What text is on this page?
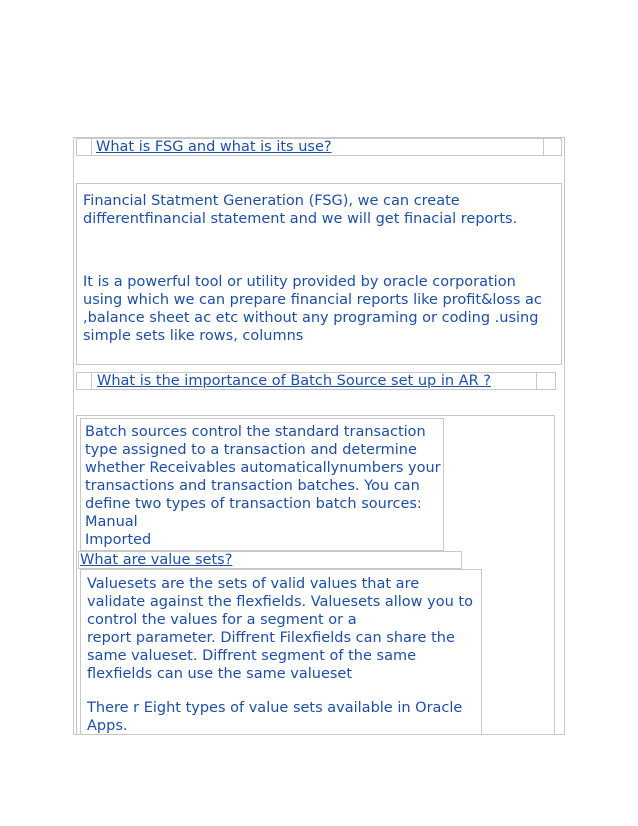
What is FSG and what is its use?
Financial Statment Generation (FSG), we can create
differentfinancial statement and we will get finacial reports.
It is a powerful tool or utility provided by oracle corporation
using which we can prepare financial reports like profit&loss ac
,balance sheet ac etc without any programing or coding .using
simple sets like rows, columns
What is the importance of Batch Source set up in AR ?
Batch sources control the standard transaction
type assigned to a transaction and determine
whether Receivables automaticallynumbers your
transactions and transaction batches. You can
define two types of transaction batch sources:
Manual
Imported
What are value sets?
Valuesets are the sets of valid values that are
validate against the flexfields. Valuesets allow you to
control the values for a segment or a
report parameter. Diffrent Filexfields can share the
same valueset. Diffrent segment of the same
flexfields can use the same valueset
There r Eight types of value sets available in Oracle
Apps.
